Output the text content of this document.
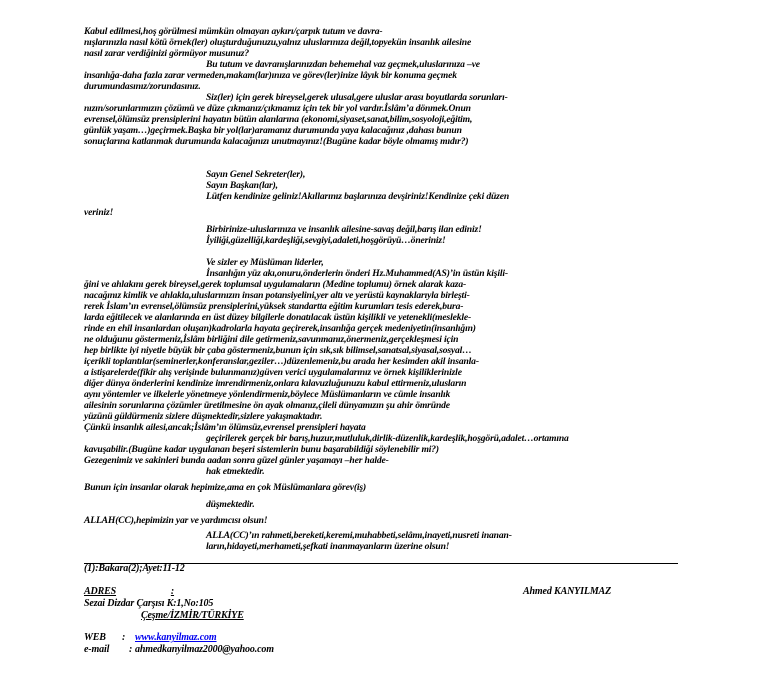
Kabul edilmesi,hoş görülmesi mümkün olmayan aykırı/çarpık tutum ve davra-
nışlarınızla nasıl kötü örnek(ler) oluşturduğunuzu,yalnız uluslarınıza değil,topyekün insanlık ailesine
nasıl zarar verdiğinizi görmüyor musunuz?
Bu tutum ve davranışlarınızdan behemehal vaz geçmek,uluslarınıza –ve
insanlığa-daha fazla zarar vermeden,makam(lar)ınıza ve görev(ler)inize lâyık bir konuma geçmek
durumundasınız/zorundasınız.
Siz(ler) için gerek bireysel,gerek ulusal,gere uluslar arası boyutlarda sorunları-
nızın/sorunlarımızın çözümü ve düze çıkmanız/çıkmamız için tek bir yol vardır.İslâm’a dönmek.Onun
evrensel,ölümsüz prensiplerini hayatın bütün alanlarına (ekonomi,siyaset,sanat,bilim,sosyoloji,eğitim,
günlük yaşam…)geçirmek.Başka bir yol(lar)aramanız durumunda yaya kalacağınız ,dahası bunun
sonuçlarına katlanmak durumunda kalacağınızı unutmayınız!(Bugüne kadar böyle olmamış mıdır?)
Sayın Genel Sekreter(ler),
Sayın Başkan(lar),
Lütfen kendinize geliniz!Akıllarınız başlarınıza devşiriniz!Kendinize çeki düzen
veriniz!
Birbirinize-uluslarınıza ve insanlık ailesine-savaş değil,barış ilan ediniz!
İyiliği,güzelliği,kardeşliği,sevgiyi,adaleti,hoşgörüyü…öneriniz!
Ve sizler ey Müslüman liderler,
İnsanlığın yüz akı,onuru,önderlerin önderi Hz.Muhammed(AS)’in üstün kişili-
ğini ve ahlakını gerek bireysel,gerek toplumsal uygulamaların (Medine toplumu) örnek alarak kaza-
nacağınız kimlik ve ahlakla,uluslarınızın insan potansiyelini,yer altı ve yerüstü kaynaklarıyla birleşti-
rerek İslam’ın evrensel,ölümsüz prensiplerini,yüksek standartta eğitim kurumları tesis ederek,bura-
larda eğitilecek ve alanlarında en üst düzey bilgilerle donatılacak üstün kişilikli ve yetenekli(meslekle-
rinde en ehil insanlardan oluşan)kadrolarla hayata geçirerek,insanlığa gerçek medeniyetin(insanlığın)
ne olduğunu göstermeniz,İslâm birliğini dile getirmeniz,savunmanız,önermeniz,gerçekleşmesi için
hep birlikte iyi niyetle büyük bir çaba göstermeniz,bunun için sık,sık bilimsel,sanatsal,siyasal,sosyal…
içerikli toplantılar(seminerler,konferanslar,geziler…)düzenlemeniz,bu arada her kesimden akil insanla-
a istişarelerde(fikir alış verişinde bulunmanız)güven verici uygulamalarınız ve örnek kişiliklerinizle
diğer dünya önderlerini kendinize imrendirmeniz,onlara kılavuzluğunuzu kabul ettirmeniz,ulusların
aynı yöntemler ve ilkelerle yönetmeye yönlendirmeniz,böylece Müslümanların ve cümle insanlık
ailesinin sorunlarına çözümler üretilmesine ön ayak olmanız,çileli dünyamızın şu ahir ömründe
yüzünü güldürmeniz sizlere düşmektedir,sizlere yakışmaktadır.
Çünkü insanlık ailesi,ancak;İslâm’ın ölümsüz,evrensel prensipleri hayata
geçirilerek gerçek bir barış,huzur,mutluluk,dirlik-düzenlik,kardeşlik,hoşgörü,adalet…ortamına
kavuşabilir.(Bugüne kadar uygulanan beşeri sistemlerin bunu başarabildiği söylenebilir mi?)
Gezegenimiz ve sakinleri bunda aadan sonra güzel günler yaşamayı –her halde-
hak etmektedir.
Bunun için insanlar olarak hepimize,ama en çok Müslümanlara görev(iş)
düşmektedir.
ALLAH(CC),hepimizin yar ve yardımcısı olsun!
ALLA(CC)’ın rahmeti,bereketi,keremi,muhabbeti,selâmı,inayeti,nusreti inanan-
ların,hidayeti,merhameti,şefkati inanmayanların üzerine olsun!
(1):Bakara(2);Ayet:11-12
ADRES	:	Ahmed KANYILMAZ
Sezai Dizdar Çarşısı K:1,No:105
Çeşme/İZMİR/TÜRKİYE
WEB : www.kanyilmaz.com
e-mail : ahmedkanyilmaz2000@yahoo.com
